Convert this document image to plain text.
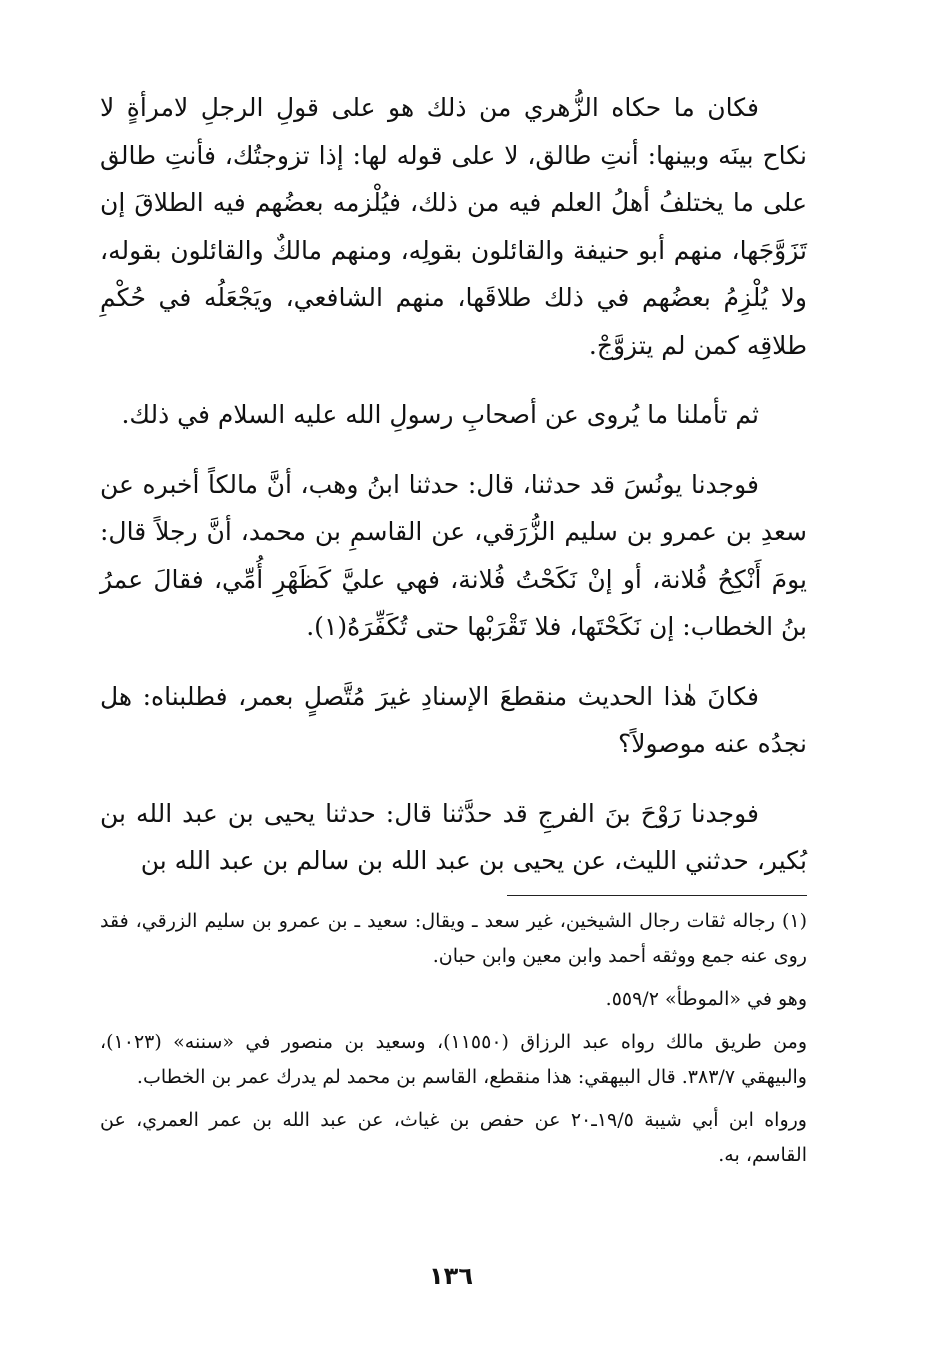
فكان ما حكاه الزُّهري من ذلك هو على قولِ الرجلِ لامرأةٍ لا نكاح بينَه وبينها: أنتِ طالق، لا على قوله لها: إذا تزوجتُك، فأنتِ طالق على ما يختلفُ أهلُ العلم فيه من ذلك، فيُلْزمه بعضُهم فيه الطلاقَ إن تَزَوَّجَها، منهم أبو حنيفة والقائلون بقولِه، ومنهم مالكٌ والقائلون بقوله، ولا يُلْزِمُ بعضُهم في ذلك طلاقَها، منهم الشافعي، ويَجْعَلُه في حُكْمِ طلاقِه كمن لم يتزوَّجْ.

ثم تأملنا ما يُروى عن أصحابِ رسولِ الله عليه السلام في ذلك.

فوجدنا يونُسَ قد حدثنا، قال: حدثنا ابنُ وهب، أنَّ مالكاً أخبره عن سعدِ بن عمرو بن سليم الزُّرَقي، عن القاسمِ بن محمد، أنَّ رجلاً قال: يومَ أَنْكِحُ فُلانة، أو إنْ نَكَحْتُ فُلانة، فهي عليَّ كَظَهْرِ أُمِّي، فقالَ عمرُ بنُ الخطاب: إن نَكَحْتَها، فلا تَقْرَبْها حتى تُكَفِّرَهُ(١).

فكانَ هٰذا الحديث منقطعَ الإسنادِ غيرَ مُتَّصلٍ بعمر، فطلبناه: هل نجدُه عنه موصولاً؟

فوجدنا رَوْحَ بنَ الفرجِ قد حدَّثنا قال: حدثنا يحيى بن عبد الله بن بُكير، حدثني الليث، عن يحيى بن عبد الله بن سالم بن عبد الله بن

(١) رجاله ثقات رجال الشيخين، غير سعد ـ ويقال: سعيد ـ بن عمرو بن سليم الزرقي، فقد روى عنه جمع ووثقه أحمد وابن معين وابن حبان.

وهو في «الموطأ» ٥٥٩/٢.

ومن طريق مالك رواه عبد الرزاق (١١٥٥٠)، وسعيد بن منصور في «سننه» (١٠٢٣)، والبيهقي ٣٨٣/٧. قال البيهقي: هذا منقطع، القاسم بن محمد لم يدرك عمر بن الخطاب.

ورواه ابن أبي شيبة ١٩/٥ـ٢٠ عن حفص بن غياث، عن عبد الله بن عمر العمري، عن القاسم، به.

١٣٦
